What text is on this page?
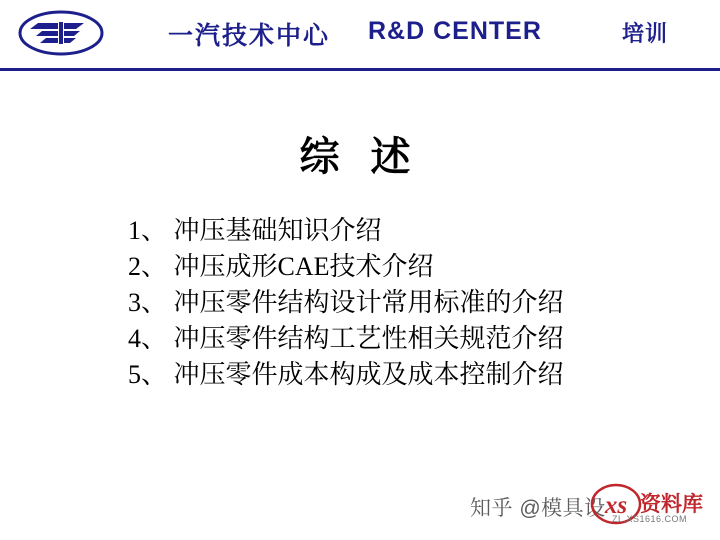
一汽技术中心 R&D CENTER	培训
综 述
1、 冲压基础知识介绍
2、 冲压成形CAE技术介绍
3、 冲压零件结构设计常用标准的介绍
4、 冲压零件结构工艺性相关规范介绍
5、 冲压零件成本构成及成本控制介绍
知乎 @模具设 xs 资料库
ZL.XS1616.COM
